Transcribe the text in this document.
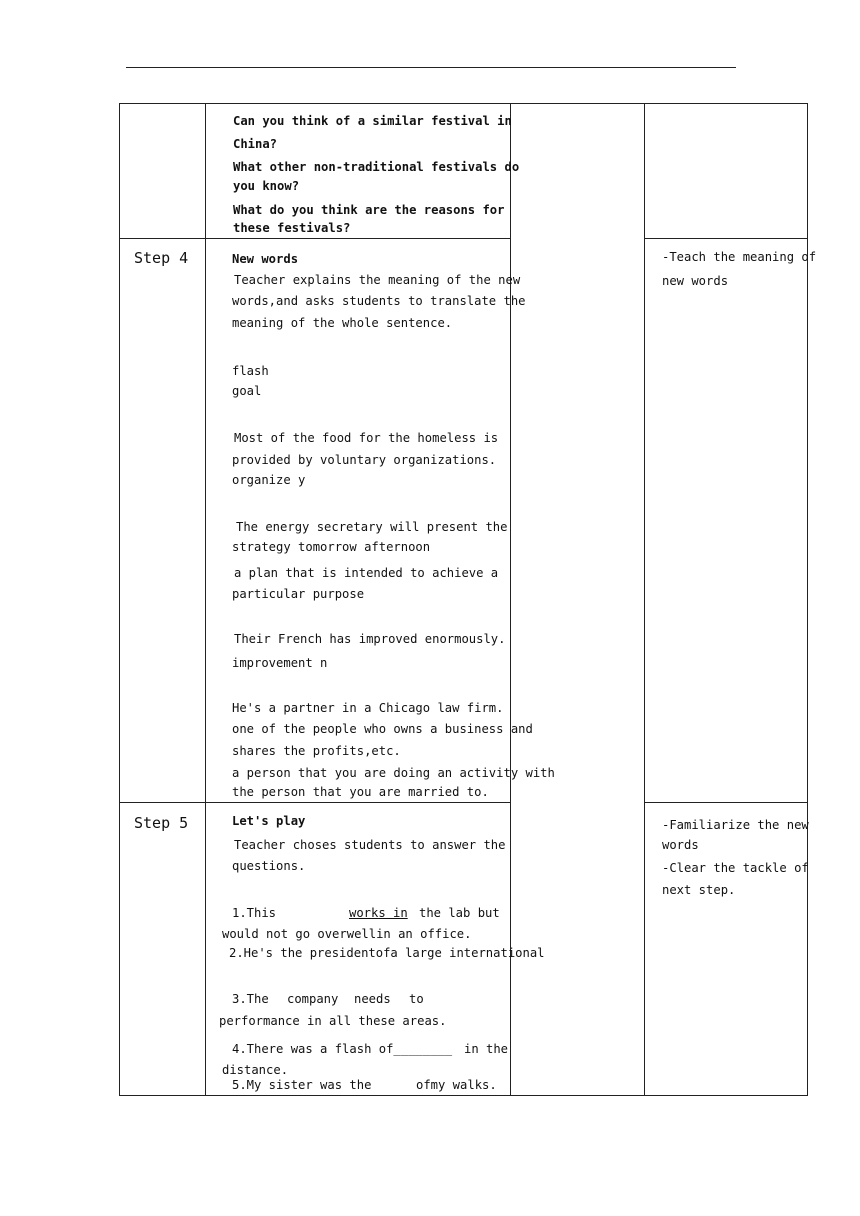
Can you think of a similar festival in
China?
What other non-traditional festivals do
you know?
What do you think are the reasons for
these festivals?
Step 4	New words
Teacher explains the meaning of the new
words,and asks students to translate the
meaning of the whole sentence.
flash
goal
Most of the food for the homeless is
provided by voluntary organizations.
organize y
The energy secretary will present the
strategy tomorrow afternoon
a plan that is intended to achieve a
particular purpose
Their French has improved enormously.
improvement n
He's a partner in a Chicago law firm.
one of the people who owns a business and
shares the profits,etc.
a person that you are doing an activity with
the person that you are married to.
-Teach the meaning of
new words
Step 5	Let's play
Teacher choses students to answer the
questions.
1.This	works in the lab but
would not go overwellin an office.
2.He's the presidentofa large international
3.The company needs to
performance in all these areas.
4.There was a flash of________ in the
distance.
5.My sister was the	ofmy walks.
-Familiarize the new
words
-Clear the tackle of
next step.
